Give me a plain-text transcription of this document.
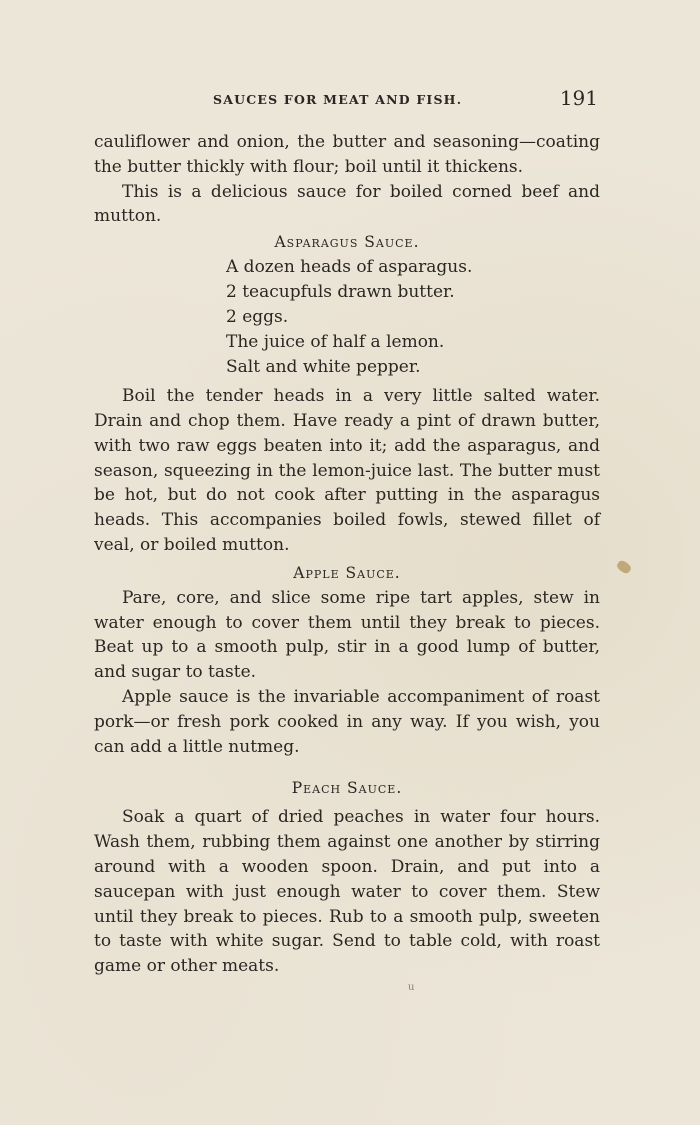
SAUCES FOR MEAT AND FISH.	191

cauliflower and onion, the butter and seasoning—coating the butter thickly with flour; boil until it thickens.

This is a delicious sauce for boiled corned beef and mutton.

Asparagus Sauce.

A dozen heads of asparagus.
2 teacupfuls drawn butter.
2 eggs.
The juice of half a lemon.
Salt and white pepper.

Boil the tender heads in a very little salted water. Drain and chop them. Have ready a pint of drawn butter, with two raw eggs beaten into it; add the asparagus, and season, squeezing in the lemon-juice last. The butter must be hot, but do not cook after putting in the asparagus heads. This accompanies boiled fowls, stewed fillet of veal, or boiled mutton.

Apple Sauce.

Pare, core, and slice some ripe tart apples, stew in water enough to cover them until they break to pieces. Beat up to a smooth pulp, stir in a good lump of butter, and sugar to taste.

Apple sauce is the invariable accompaniment of roast pork—or fresh pork cooked in any way. If you wish, you can add a little nutmeg.

Peach Sauce.

Soak a quart of dried peaches in water four hours. Wash them, rubbing them against one another by stirring around with a wooden spoon. Drain, and put into a saucepan with just enough water to cover them. Stew until they break to pieces. Rub to a smooth pulp, sweeten to taste with white sugar. Send to table cold, with roast game or other meats.

u
